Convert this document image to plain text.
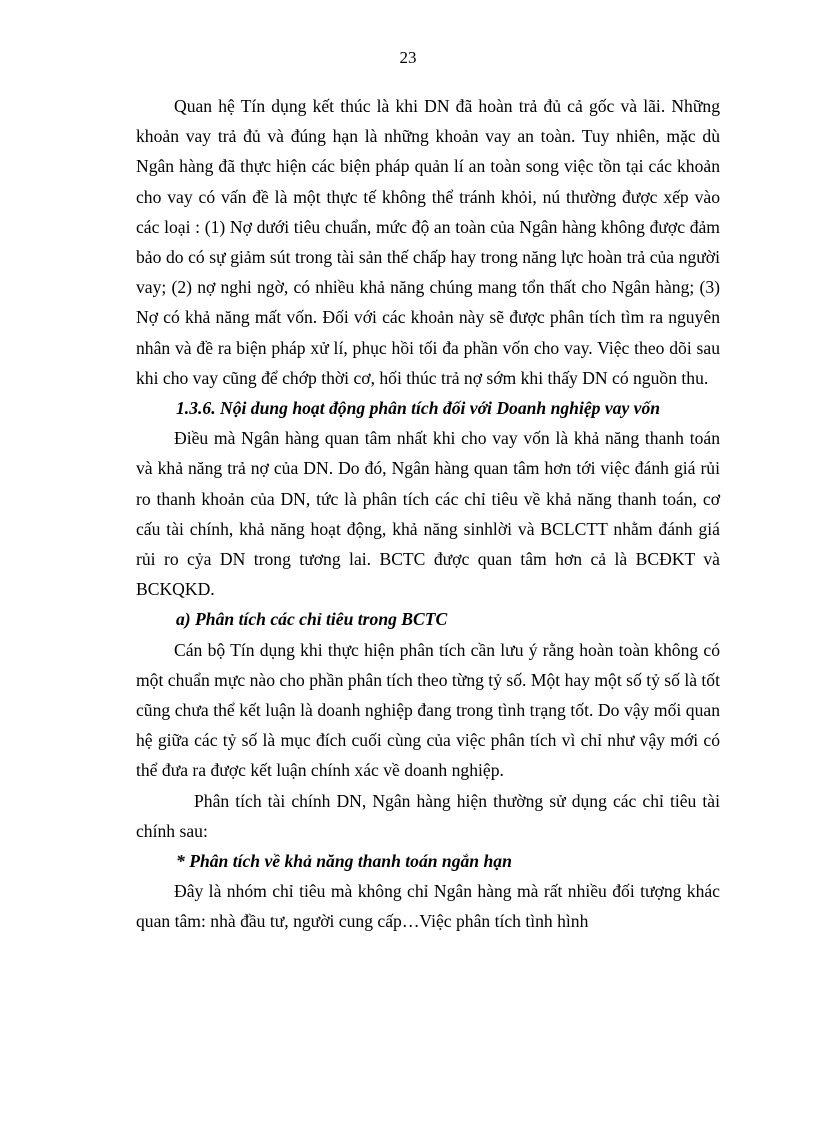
23

Quan hệ Tín dụng kết thúc là khi DN đã hoàn trả đủ cả gốc và lãi. Những khoản vay trả đủ và đúng hạn là những khoản vay an toàn. Tuy nhiên, mặc dù Ngân hàng đã thực hiện các biện pháp quản lí an toàn song việc tồn tại các khoản cho vay có vấn đề là một thực tế không thể tránh khỏi, nú thường được xếp vào các loại : (1) Nợ dưới tiêu chuẩn, mức độ an toàn của Ngân hàng không được đảm bảo do có sự giảm sút trong tài sản thế chấp hay trong năng lực hoàn trả của người vay; (2) nợ nghi ngờ, có nhiều khả năng chúng mang tổn thất cho Ngân hàng; (3) Nợ có khả năng mất vốn. Đối với các khoản này sẽ được phân tích tìm ra nguyên nhân và đề ra biện pháp xử lí, phục hồi tối đa phần vốn cho vay. Việc theo dõi sau khi cho vay cũng để chớp thời cơ, hối thúc trả nợ sớm khi thấy DN có nguồn thu.

1.3.6. Nội dung hoạt động phân tích đối với Doanh nghiệp vay vốn

Điều mà Ngân hàng quan tâm nhất khi cho vay vốn là khả năng thanh toán và khả năng trả nợ của DN. Do đó, Ngân hàng quan tâm hơn tới việc đánh giá rủi ro thanh khoản của DN, tức là phân tích các chỉ tiêu về khả năng thanh toán, cơ cấu tài chính, khả năng hoạt động, khả năng sinhlời và BCLCTT nhằm đánh giá rủi ro cỷa DN trong tương lai. BCTC được quan tâm hơn cả là BCĐKT và BCKQKD.

a) Phân tích các chỉ tiêu trong BCTC

Cán bộ Tín dụng khi thực hiện phân tích cần lưu ý rằng hoàn toàn không có một chuẩn mực nào cho phần phân tích theo từng tỷ số. Một hay một số tỷ số là tốt cũng chưa thể kết luận là doanh nghiệp đang trong tình trạng tốt. Do vậy mối quan hệ giữa các tỷ số là mục đích cuối cùng của việc phân tích vì chỉ như vậy mới có thể đưa ra được kết luận chính xác về doanh nghiệp.

Phân tích tài chính DN, Ngân hàng hiện thường sử dụng các chỉ tiêu tài chính sau:

* Phân tích về khả năng thanh toán ngắn hạn

Đây là nhóm chỉ tiêu mà không chỉ Ngân hàng mà rất nhiều đối tượng khác quan tâm: nhà đầu tư, người cung cấp…Việc phân tích tình hình
